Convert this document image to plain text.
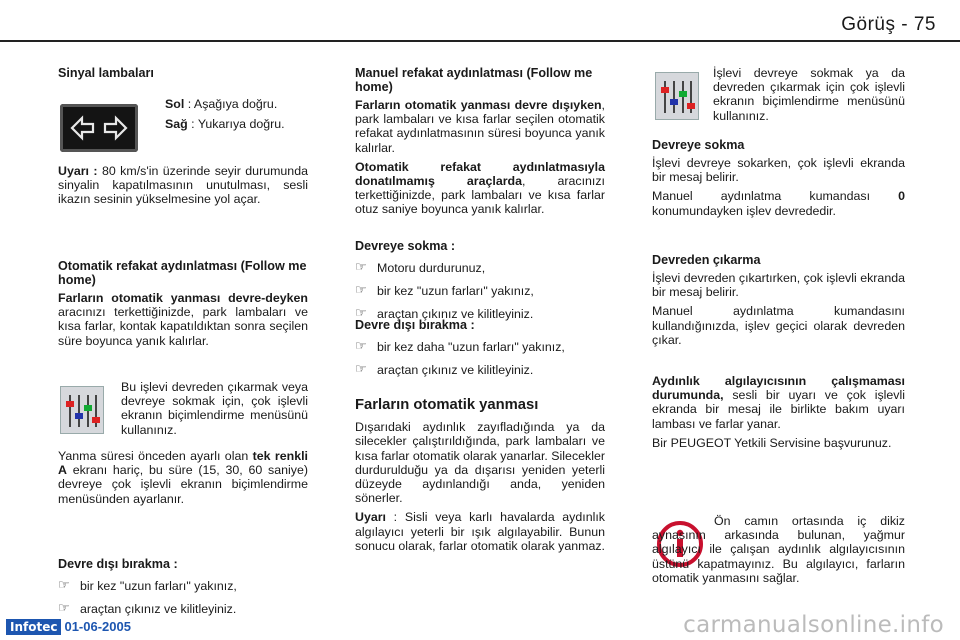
Görüş - 75
Sinyal lambaları

Sol : Aşağıya doğru.

Sağ : Yukarıya doğru.

Uyarı : 80 km/s'in üzerinde seyir durumunda sinyalin kapatılmasının unutulması, sesli ikazın sesinin yükselmesine yol açar.

Otomatik refakat aydınlatması (Follow me home)

Farların otomatik yanması devre-deyken aracınızı terkettiğinizde, park lambaları ve kısa farlar, kontak kapatıldıktan sonra seçilen süre boyunca yanık kalırlar.

Bu işlevi devreden çıkarmak veya devreye sokmak için, çok işlevli ekranın biçimlendirme menüsünü kullanınız.

Yanma süresi önceden ayarlı olan tek renkli A ekranı hariç, bu süre (15, 30, 60 saniye) devreye çok işlevli ekranın biçimlendirme menüsünden ayarlanır.

Devre dışı bırakma :
☞ bir kez "uzun farları" yakınız,
☞ araçtan çıkınız ve kilitleyiniz.
Manuel refakat aydınlatması (Follow me home)

Farların otomatik yanması devre dışıyken, park lambaları ve kısa farlar seçilen otomatik refakat aydınlatmasının süresi boyunca yanık kalırlar.

Otomatik refakat aydınlatmasıyla donatılmamış araçlarda, aracınızı terkettiğinizde, park lambaları ve kısa farlar otuz saniye boyunca yanık kalırlar.

Devreye sokma :
☞ Motoru durdurunuz,
☞ bir kez "uzun farları" yakınız,
☞ araçtan çıkınız ve kilitleyiniz.
Devre dışı bırakma :
☞ bir kez daha "uzun farları" yakınız,
☞ araçtan çıkınız ve kilitleyiniz.
Farların otomatik yanması

Dışarıdaki aydınlık zayıfladığında ya da silecekler çalıştırıldığında, park lambaları ve kısa farlar otomatik olarak yanarlar. Silecekler durdurulduğu ya da dışarısı yeniden yeterli düzeyde aydınlandığı anda, yeniden sönerler.

Uyarı : Sisli veya karlı havalarda aydınlık algılayıcı yeterli bir ışık algılayabilir. Bunun sonucu olarak, farlar otomatik olarak yanmaz.

İşlevi devreye sokmak ya da devreden çıkarmak için çok işlevli ekranın biçimlendirme menüsünü kullanınız.

Devreye sokma

İşlevi devreye sokarken, çok işlevli ekranda bir mesaj belirir.

Manuel aydınlatma kumandası 0 konumundayken işlev devrededir.

Devreden çıkarma

İşlevi devreden çıkartırken, çok işlevli ekranda bir mesaj belirir.

Manuel aydınlatma kumandasını kullandığınızda, işlev geçici olarak devreden çıkar.

Aydınlık algılayıcısının çalışmaması durumunda, sesli bir uyarı ve çok işlevli ekranda bir mesaj ile birlikte bakım uyarı lambası ve farlar yanar.

Bir PEUGEOT Yetkili Servisine başvurunuz.

Ön camın ortasında iç dikiz aynasının arkasında bulunan, yağmur algılayıcı ile çalışan aydınlık algılayıcısının üstünü kapatmayınız. Bu algılayıcı, farların otomatik yanmasını sağlar.

Infotec 01-06-2005	carmanualsonline.info
